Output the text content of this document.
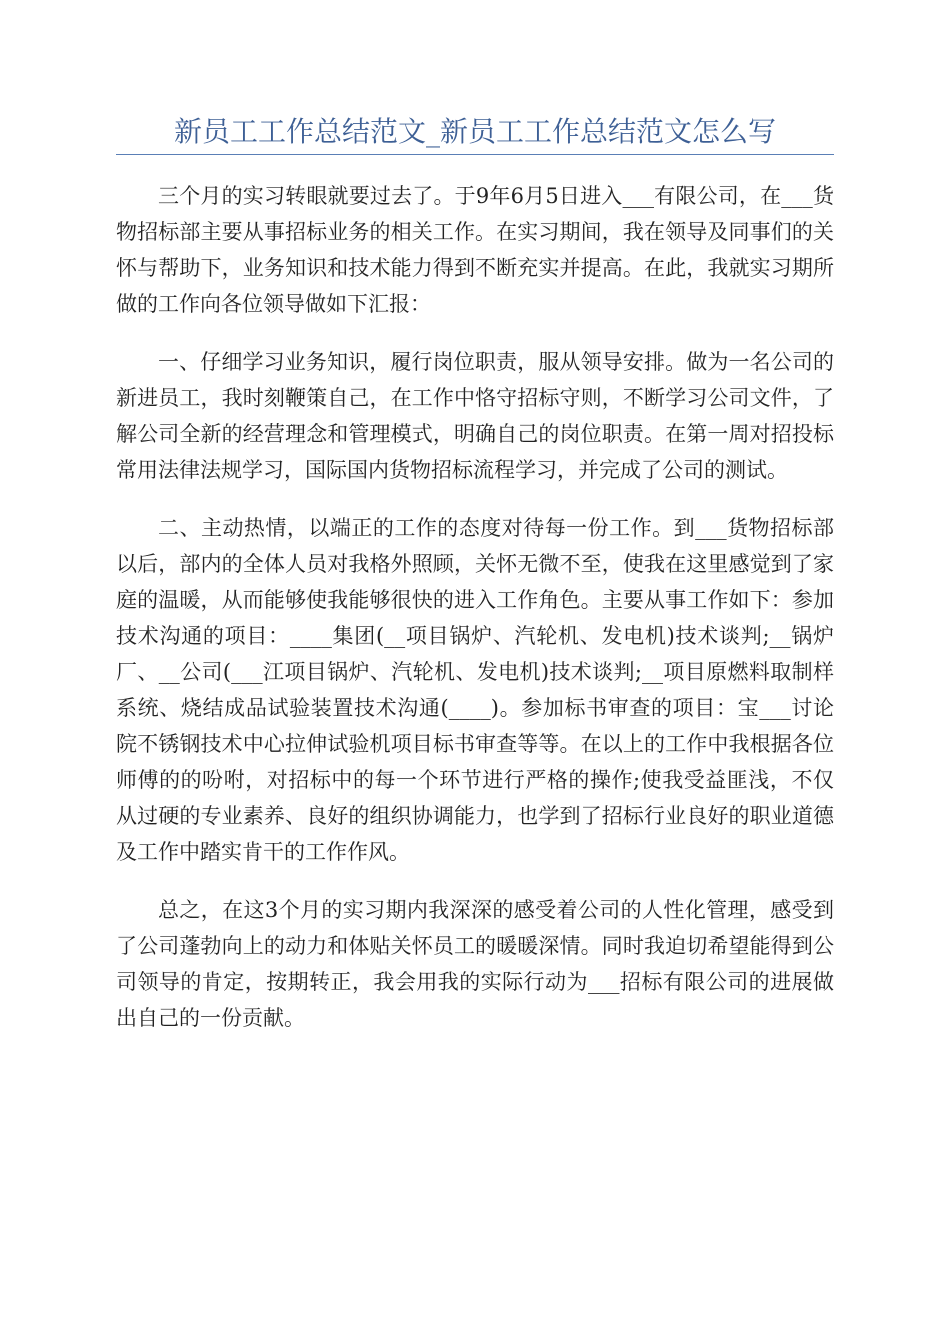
新员工工作总结范文_新员工工作总结范文怎么写

三个月的实习转眼就要过去了。于9年6月5日进入___有限公司，在___货物招标部主要从事招标业务的相关工作。在实习期间，我在领导及同事们的关怀与帮助下，业务知识和技术能力得到不断充实并提高。在此，我就实习期所做的工作向各位领导做如下汇报：

一、仔细学习业务知识，履行岗位职责，服从领导安排。做为一名公司的新进员工，我时刻鞭策自己，在工作中恪守招标守则，不断学习公司文件，了解公司全新的经营理念和管理模式，明确自己的岗位职责。在第一周对招投标常用法律法规学习，国际国内货物招标流程学习，并完成了公司的测试。

二、主动热情，以端正的工作的态度对待每一份工作。到___货物招标部以后，部内的全体人员对我格外照顾，关怀无微不至，使我在这里感觉到了家庭的温暖，从而能够使我能够很快的进入工作角色。主要从事工作如下：参加技术沟通的项目：____集团(__项目锅炉、汽轮机、发电机)技术谈判;__锅炉厂、__公司(___江项目锅炉、汽轮机、发电机)技术谈判;__项目原燃料取制样系统、烧结成品试验装置技术沟通(____)。参加标书审查的项目：宝___讨论院不锈钢技术中心拉伸试验机项目标书审查等等。在以上的工作中我根据各位师傅的的吩咐，对招标中的每一个环节进行严格的操作;使我受益匪浅，不仅从过硬的专业素养、良好的组织协调能力，也学到了招标行业良好的职业道德及工作中踏实肯干的工作作风。

总之，在这3个月的实习期内我深深的感受着公司的人性化管理，感受到了公司蓬勃向上的动力和体贴关怀员工的暖暖深情。同时我迫切希望能得到公司领导的肯定，按期转正，我会用我的实际行动为___招标有限公司的进展做出自己的一份贡献。
